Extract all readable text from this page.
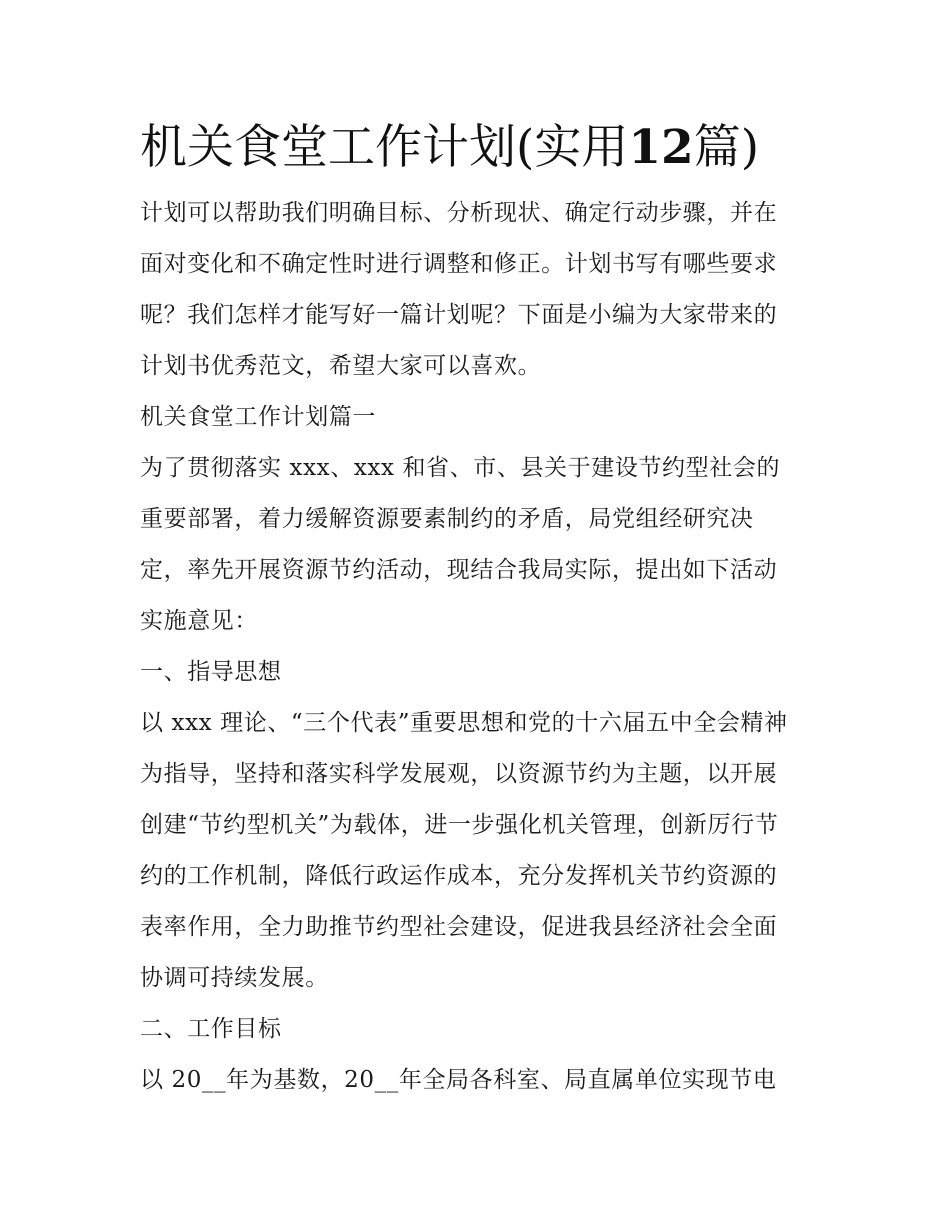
机关食堂工作计划(实用12篇)
计划可以帮助我们明确目标、分析现状、确定行动步骤，并在
面对变化和不确定性时进行调整和修正。计划书写有哪些要求
呢？我们怎样才能写好一篇计划呢？下面是小编为大家带来的
计划书优秀范文，希望大家可以喜欢。
机关食堂工作计划篇一
为了贯彻落实 xxx、xxx 和省、市、县关于建设节约型社会的
重要部署，着力缓解资源要素制约的矛盾，局党组经研究决
定，率先开展资源节约活动，现结合我局实际，提出如下活动
实施意见：
一、指导思想
以 xxx 理论、“三个代表”重要思想和党的十六届五中全会精神
为指导，坚持和落实科学发展观，以资源节约为主题，以开展
创建“节约型机关”为载体，进一步强化机关管理，创新厉行节
约的工作机制，降低行政运作成本，充分发挥机关节约资源的
表率作用，全力助推节约型社会建设，促进我县经济社会全面
协调可持续发展。
二、工作目标
以 20__年为基数，20__年全局各科室、局直属单位实现节电
